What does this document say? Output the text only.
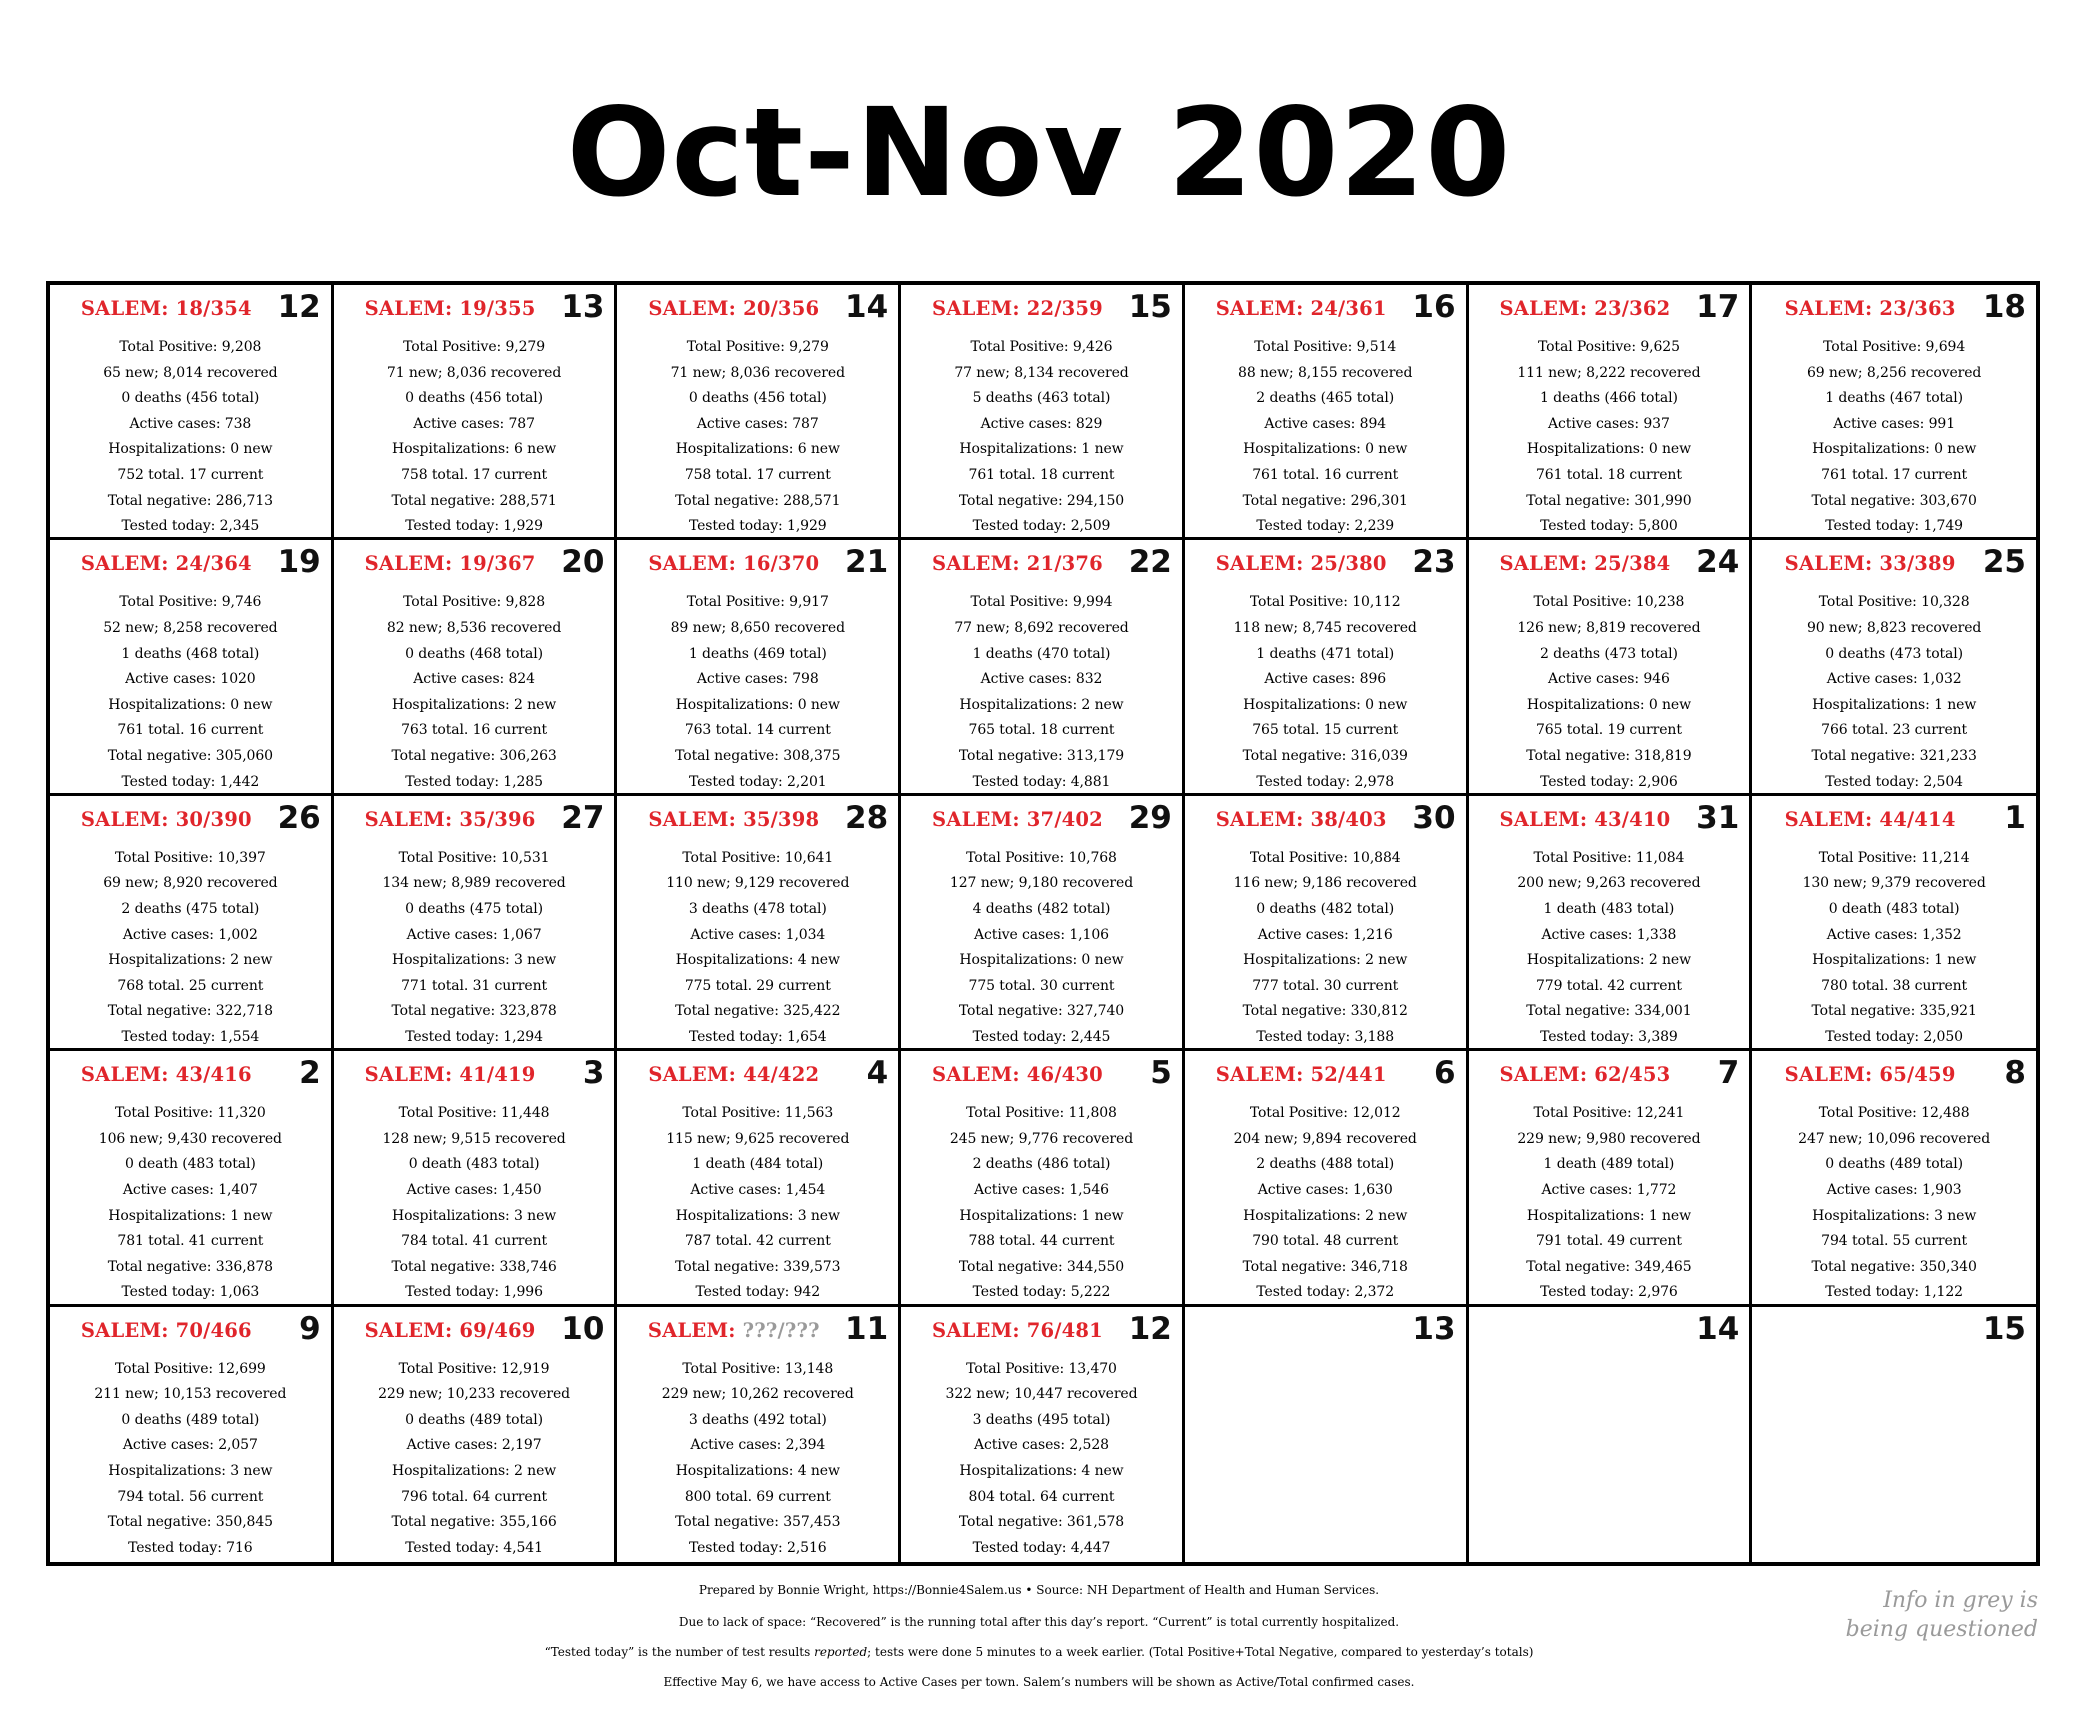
Oct-Nov 2020
SALEM: 18/354 12
Total Positive: 9,208
65 new; 8,014 recovered
0 deaths (456 total)
Active cases: 738
Hospitalizations: 0 new
752 total. 17 current
Total negative: 286,713
Tested today: 2,345
SALEM: 19/355 13
Total Positive: 9,279
71 new; 8,036 recovered
0 deaths (456 total)
Active cases: 787
Hospitalizations: 6 new
758 total. 17 current
Total negative: 288,571
Tested today: 1,929
SALEM: 20/356 14
Total Positive: 9,279
71 new; 8,036 recovered
0 deaths (456 total)
Active cases: 787
Hospitalizations: 6 new
758 total. 17 current
Total negative: 288,571
Tested today: 1,929
SALEM: 22/359 15
Total Positive: 9,426
77 new; 8,134 recovered
5 deaths (463 total)
Active cases: 829
Hospitalizations: 1 new
761 total. 18 current
Total negative: 294,150
Tested today: 2,509
SALEM: 24/361 16
Total Positive: 9,514
88 new; 8,155 recovered
2 deaths (465 total)
Active cases: 894
Hospitalizations: 0 new
761 total. 16 current
Total negative: 296,301
Tested today: 2,239
SALEM: 23/362 17
Total Positive: 9,625
111 new; 8,222 recovered
1 deaths (466 total)
Active cases: 937
Hospitalizations: 0 new
761 total. 18 current
Total negative: 301,990
Tested today: 5,800
SALEM: 23/363 18
Total Positive: 9,694
69 new; 8,256 recovered
1 deaths (467 total)
Active cases: 991
Hospitalizations: 0 new
761 total. 17 current
Total negative: 303,670
Tested today: 1,749
SALEM: 24/364 19
Total Positive: 9,746
52 new; 8,258 recovered
1 deaths (468 total)
Active cases: 1020
Hospitalizations: 0 new
761 total. 16 current
Total negative: 305,060
Tested today: 1,442
SALEM: 19/367 20
Total Positive: 9,828
82 new; 8,536 recovered
0 deaths (468 total)
Active cases: 824
Hospitalizations: 2 new
763 total. 16 current
Total negative: 306,263
Tested today: 1,285
SALEM: 16/370 21
Total Positive: 9,917
89 new; 8,650 recovered
1 deaths (469 total)
Active cases: 798
Hospitalizations: 0 new
763 total. 14 current
Total negative: 308,375
Tested today: 2,201
SALEM: 21/376 22
Total Positive: 9,994
77 new; 8,692 recovered
1 deaths (470 total)
Active cases: 832
Hospitalizations: 2 new
765 total. 18 current
Total negative: 313,179
Tested today: 4,881
SALEM: 25/380 23
Total Positive: 10,112
118 new; 8,745 recovered
1 deaths (471 total)
Active cases: 896
Hospitalizations: 0 new
765 total. 15 current
Total negative: 316,039
Tested today: 2,978
SALEM: 25/384 24
Total Positive: 10,238
126 new; 8,819 recovered
2 deaths (473 total)
Active cases: 946
Hospitalizations: 0 new
765 total. 19 current
Total negative: 318,819
Tested today: 2,906
SALEM: 33/389 25
Total Positive: 10,328
90 new; 8,823 recovered
0 deaths (473 total)
Active cases: 1,032
Hospitalizations: 1 new
766 total. 23 current
Total negative: 321,233
Tested today: 2,504
SALEM: 30/390 26
Total Positive: 10,397
69 new; 8,920 recovered
2 deaths (475 total)
Active cases: 1,002
Hospitalizations: 2 new
768 total. 25 current
Total negative: 322,718
Tested today: 1,554
SALEM: 35/396 27
Total Positive: 10,531
134 new; 8,989 recovered
0 deaths (475 total)
Active cases: 1,067
Hospitalizations: 3 new
771 total. 31 current
Total negative: 323,878
Tested today: 1,294
SALEM: 35/398 28
Total Positive: 10,641
110 new; 9,129 recovered
3 deaths (478 total)
Active cases: 1,034
Hospitalizations: 4 new
775 total. 29 current
Total negative: 325,422
Tested today: 1,654
SALEM: 37/402 29
Total Positive: 10,768
127 new; 9,180 recovered
4 deaths (482 total)
Active cases: 1,106
Hospitalizations: 0 new
775 total. 30 current
Total negative: 327,740
Tested today: 2,445
SALEM: 38/403 30
Total Positive: 10,884
116 new; 9,186 recovered
0 deaths (482 total)
Active cases: 1,216
Hospitalizations: 2 new
777 total. 30 current
Total negative: 330,812
Tested today: 3,188
SALEM: 43/410 31
Total Positive: 11,084
200 new; 9,263 recovered
1 death (483 total)
Active cases: 1,338
Hospitalizations: 2 new
779 total. 42 current
Total negative: 334,001
Tested today: 3,389
SALEM: 44/414	1
Total Positive: 11,214
130 new; 9,379 recovered
0 death (483 total)
Active cases: 1,352
Hospitalizations: 1 new
780 total. 38 current
Total negative: 335,921
Tested today: 2,050
SALEM: 43/416	2
Total Positive: 11,320
106 new; 9,430 recovered
0 death (483 total)
Active cases: 1,407
Hospitalizations: 1 new
781 total. 41 current
Total negative: 336,878
Tested today: 1,063
SALEM: 41/419	3
Total Positive: 11,448
128 new; 9,515 recovered
0 death (483 total)
Active cases: 1,450
Hospitalizations: 3 new
784 total. 41 current
Total negative: 338,746
Tested today: 1,996
SALEM: 44/422	4
Total Positive: 11,563
115 new; 9,625 recovered
1 death (484 total)
Active cases: 1,454
Hospitalizations: 3 new
787 total. 42 current
Total negative: 339,573
Tested today: 942
SALEM: 46/430	5
Total Positive: 11,808
245 new; 9,776 recovered
2 deaths (486 total)
Active cases: 1,546
Hospitalizations: 1 new
788 total. 44 current
Total negative: 344,550
Tested today: 5,222
SALEM: 52/441	6
Total Positive: 12,012
204 new; 9,894 recovered
2 deaths (488 total)
Active cases: 1,630
Hospitalizations: 2 new
790 total. 48 current
Total negative: 346,718
Tested today: 2,372
SALEM: 62/453	7
Total Positive: 12,241
229 new; 9,980 recovered
1 death (489 total)
Active cases: 1,772
Hospitalizations: 1 new
791 total. 49 current
Total negative: 349,465
Tested today: 2,976
SALEM: 65/459	8
Total Positive: 12,488
247 new; 10,096 recovered
0 deaths (489 total)
Active cases: 1,903
Hospitalizations: 3 new
794 total. 55 current
Total negative: 350,340
Tested today: 1,122
SALEM: 70/466	9
Total Positive: 12,699
211 new; 10,153 recovered
0 deaths (489 total)
Active cases: 2,057
Hospitalizations: 3 new
794 total. 56 current
Total negative: 350,845
Tested today: 716
SALEM: 69/469 10
Total Positive: 12,919
229 new; 10,233 recovered
0 deaths (489 total)
Active cases: 2,197
Hospitalizations: 2 new
796 total. 64 current
Total negative: 355,166
Tested today: 4,541
SALEM: ???/??? 11
Total Positive: 13,148
229 new; 10,262 recovered
3 deaths (492 total)
Active cases: 2,394
Hospitalizations: 4 new
800 total. 69 current
Total negative: 357,453
Tested today: 2,516
SALEM: 76/481 12
Total Positive: 13,470
322 new; 10,447 recovered
3 deaths (495 total)
Active cases: 2,528
Hospitalizations: 4 new
804 total. 64 current
Total negative: 361,578
Tested today: 4,447
13	14	15
Info in grey is
being questioned
Prepared by Bonnie Wright, https://Bonnie4Salem.us • Source: NH Department of Health and Human Services.
Due to lack of space: “Recovered” is the running total after this day’s report. “Current” is total currently hospitalized.
“Tested today” is the number of test results reported; tests were done 5 minutes to a week earlier. (Total Positive+Total Negative, compared to yesterday’s totals)
Effective May 6, we have access to Active Cases per town. Salem’s numbers will be shown as Active/Total confirmed cases.
